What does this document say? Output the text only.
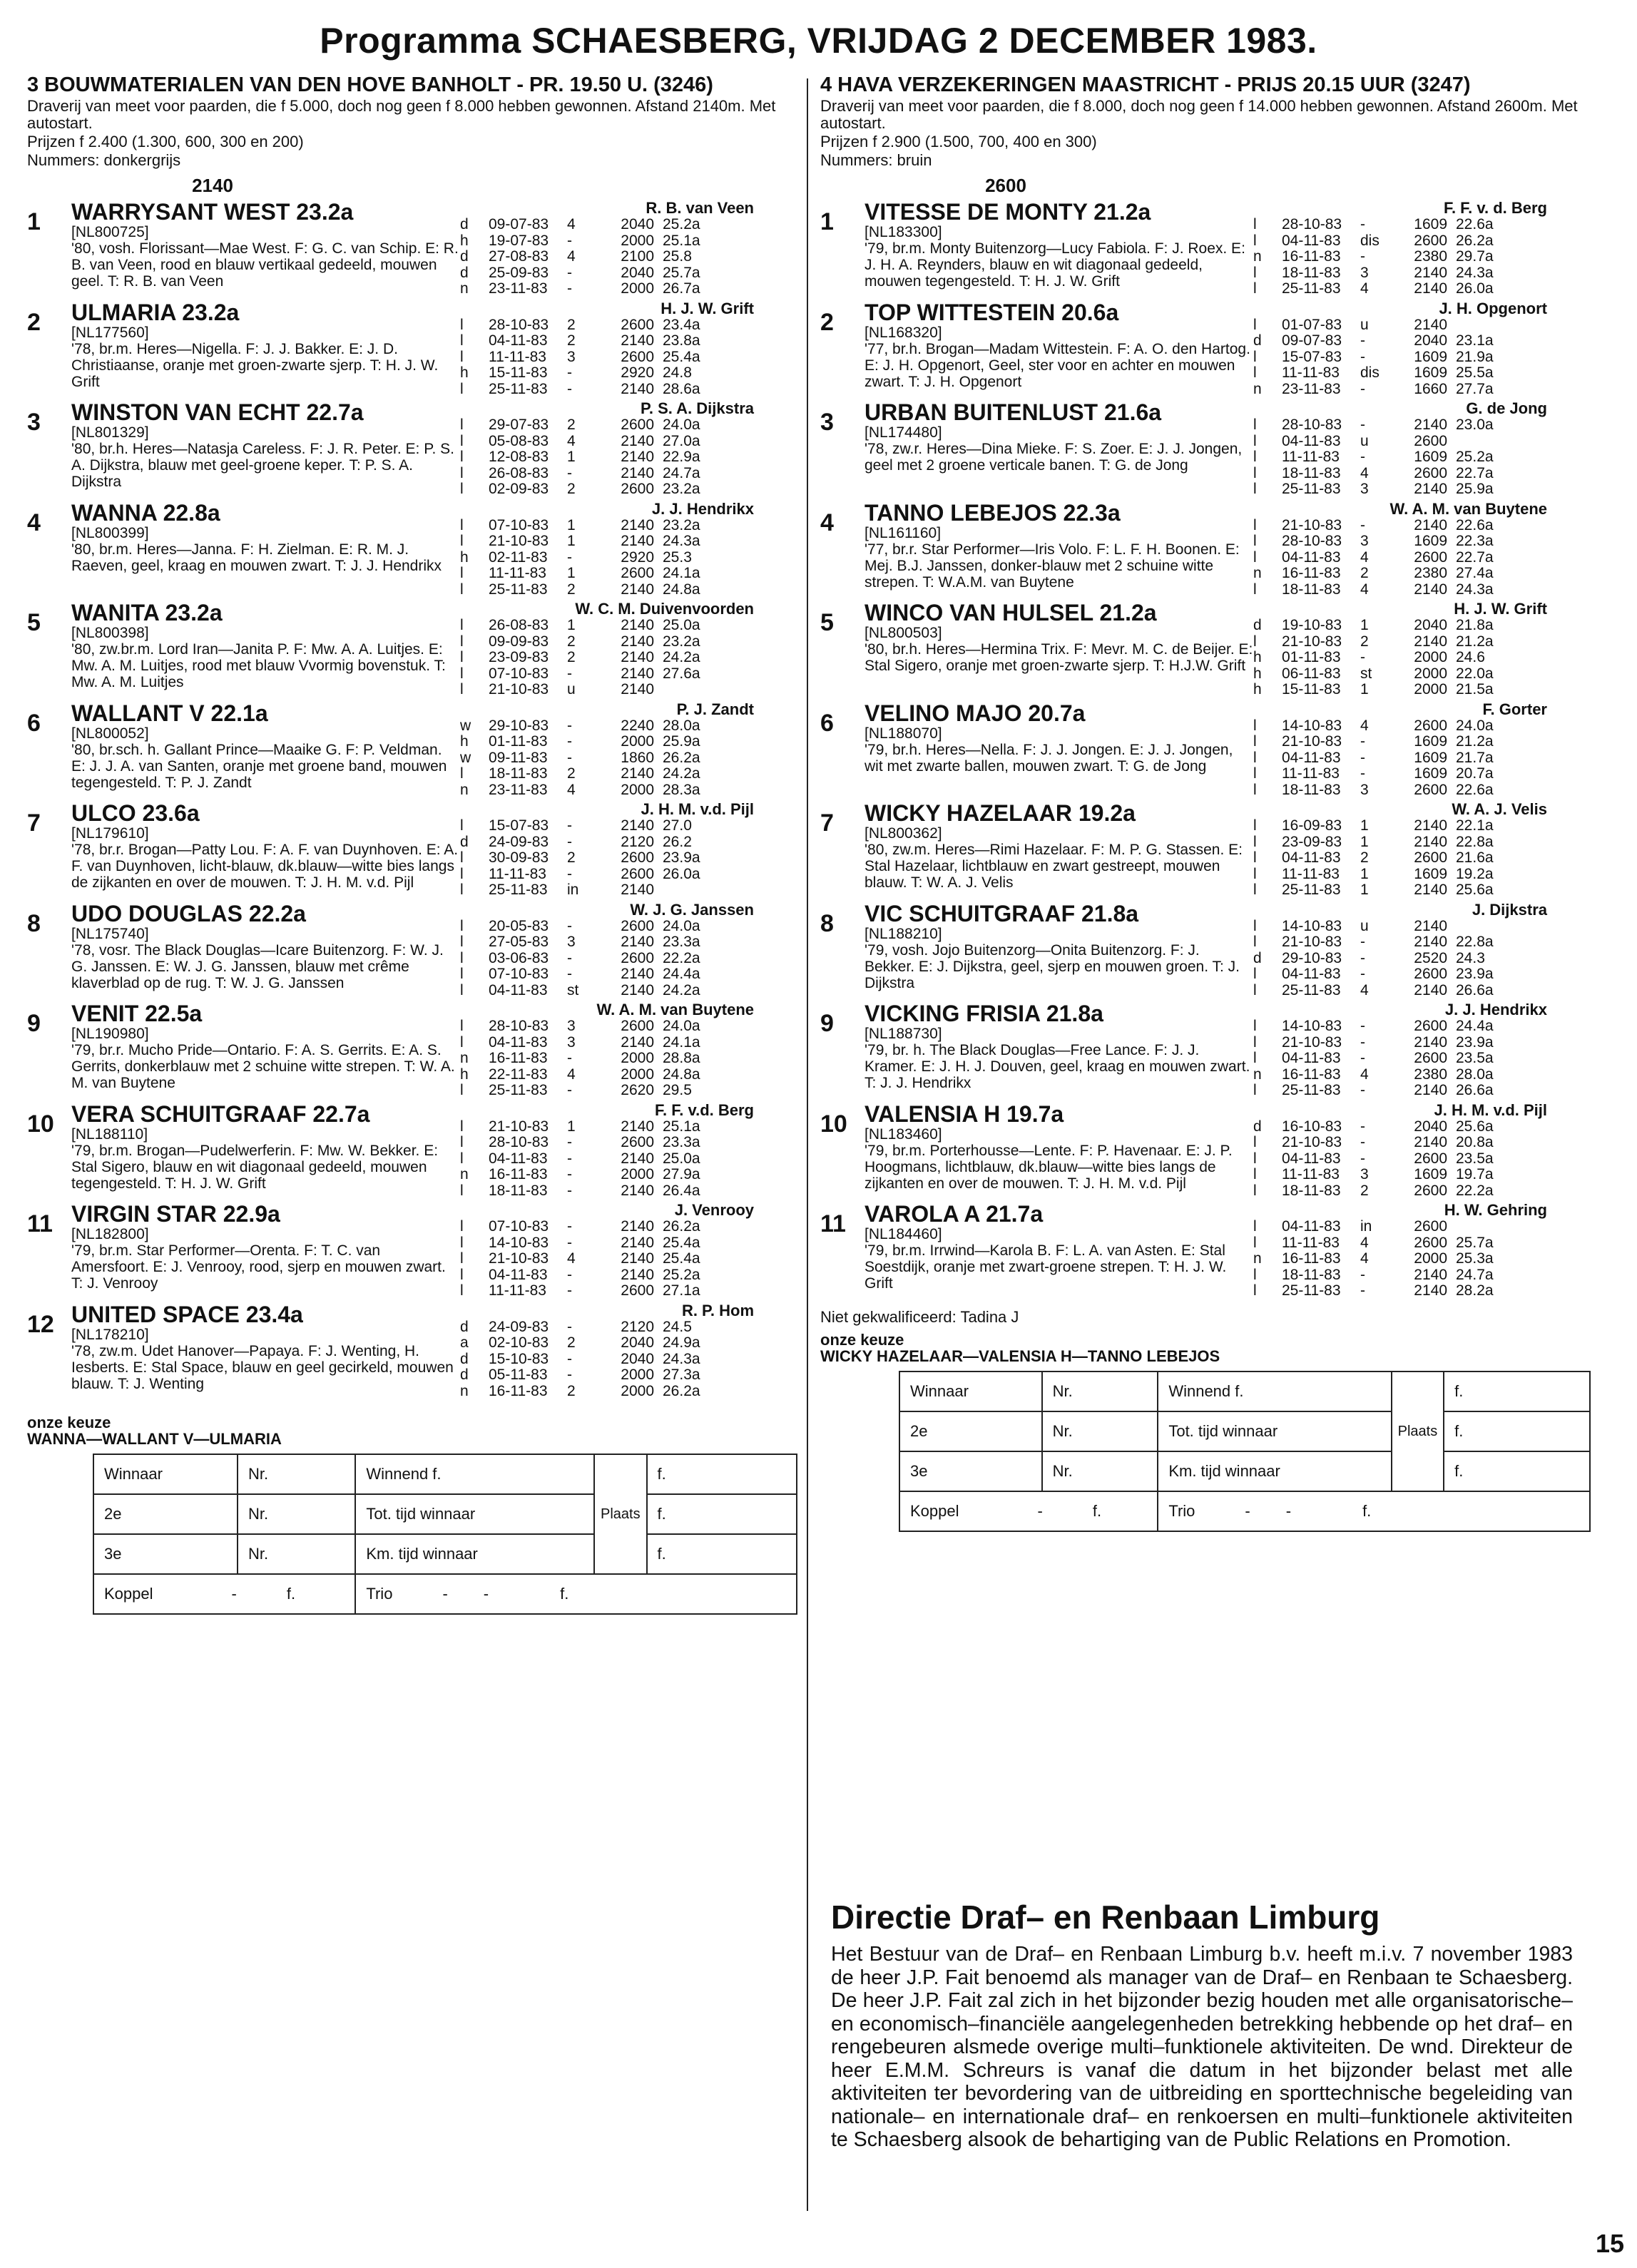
Programma SCHAESBERG, VRIJDAG 2 DECEMBER 1983.
3 BOUWMATERIALEN VAN DEN HOVE BANHOLT - PR. 19.50 U. (3246)
Draverij van meet voor paarden, die f 5.000, doch nog geen f 8.000 hebben gewonnen. Afstand 2140m. Met autostart.
Prijzen f 2.400 (1.300, 600, 300 en 200)
Nummers: donkergrijs
2140
1	WARRYSANT WEST 23.2a
[NL800725]
'80, vosh. Florissant—Mae West. F: G. C. van Schip. E: R. B. van Veen, rood en blauw vertikaal gedeeld, mouwen geel. T: R. B. van Veen
R. B. van Veen
d	09-07-83	4	2040 25.2a
h	19-07-83	-	2000 25.1a
d	27-08-83	4	2100 25.8
d	25-09-83	-	2040 25.7a
n	23-11-83	-	2000 26.7a
2	ULMARIA 23.2a
[NL177560]
'78, br.m. Heres—Nigella. F: J. J. Bakker. E: J. D. Christiaanse, oranje met groen-zwarte sjerp. T: H. J. W. Grift
H. J. W. Grift
l	28-10-83	2	2600 23.4a
l	04-11-83	2	2140 23.8a
l	11-11-83	3	2600 25.4a
h	15-11-83	-	2920 24.8
l	25-11-83	-	2140 28.6a
3	WINSTON VAN ECHT 22.7a
[NL801329]
'80, br.h. Heres—Natasja Careless. F: J. R. Peter. E: P. S. A. Dijkstra, blauw met geel-groene keper. T: P. S. A. Dijkstra
P. S. A. Dijkstra
l	29-07-83	2	2600 24.0a
l	05-08-83	4	2140 27.0a
l	12-08-83	1	2140 22.9a
l	26-08-83	-	2140 24.7a
l	02-09-83	2	2600 23.2a
4	WANNA 22.8a
[NL800399]
'80, br.m. Heres—Janna. F: H. Zielman. E: R. M. J. Raeven, geel, kraag en mouwen zwart. T: J. J. Hendrikx
J. J. Hendrikx
l	07-10-83	1	2140 23.2a
l	21-10-83	1	2140 24.3a
h	02-11-83	-	2920 25.3
l	11-11-83	1	2600 24.1a
l	25-11-83	2	2140 24.8a
5	WANITA 23.2a
[NL800398]
'80, zw.br.m. Lord Iran—Janita P. F: Mw. A. A. Luitjes. E: Mw. A. M. Luitjes, rood met blauw Vvormig bovenstuk. T: Mw. A. M. Luitjes
W. C. M. Duivenvoorden
l	26-08-83	1	2140 25.0a
l	09-09-83	2	2140 23.2a
l	23-09-83	2	2140 24.2a
l	07-10-83	-	2140 27.6a
l	21-10-83	u	2140
6	WALLANT V 22.1a
[NL800052]
'80, br.sch. h. Gallant Prince—Maaike G. F: P. Veldman. E: J. J. A. van Santen, oranje met groene band, mouwen tegengesteld. T: P. J. Zandt
P. J. Zandt
w	29-10-83	-	2240 28.0a
h	01-11-83	-	2000 25.9a
w	09-11-83	-	1860 26.2a
l	18-11-83	2	2140 24.2a
n	23-11-83	4	2000 28.3a
7	ULCO 23.6a
[NL179610]
'78, br.r. Brogan—Patty Lou. F: A. F. van Duynhoven. E: A. F. van Duynhoven, licht-blauw, dk.blauw—witte bies langs de zijkanten en over de mouwen. T: J. H. M. v.d. Pijl
J. H. M. v.d. Pijl
l	15-07-83	-	2140 27.0
d	24-09-83	-	2120 26.2
l	30-09-83	2	2600 23.9a
l	11-11-83	-	2600 26.0a
l	25-11-83	in	2140
8	UDO DOUGLAS 22.2a
[NL175740]
'78, vosr. The Black Douglas—Icare Buitenzorg. F: W. J. G. Janssen. E: W. J. G. Janssen, blauw met crême klaverblad op de rug. T: W. J. G. Janssen
W. J. G. Janssen
l	20-05-83	-	2600 24.0a
l	27-05-83	3	2140 23.3a
l	03-06-83	-	2600 22.2a
l	07-10-83	-	2140 24.4a
l	04-11-83	st	2140 24.2a
9	VENIT 22.5a
[NL190980]
'79, br.r. Mucho Pride—Ontario. F: A. S. Gerrits. E: A. S. Gerrits, donkerblauw met 2 schuine witte strepen. T: W. A. M. van Buytene
W. A. M. van Buytene
l	28-10-83	3	2600 24.0a
l	04-11-83	3	2140 24.1a
n	16-11-83	-	2000 28.8a
h	22-11-83	4	2000 24.8a
l	25-11-83	-	2620 29.5
10 VERA SCHUITGRAAF 22.7a
[NL188110]
'79, br.m. Brogan—Pudelwerferin. F: Mw. W. Bekker. E: Stal Sigero, blauw en wit diagonaal gedeeld, mouwen tegengesteld. T: H. J. W. Grift
F. F. v.d. Berg
l	21-10-83	1	2140 25.1a
l	28-10-83	-	2600 23.3a
l	04-11-83	-	2140 25.0a
n	16-11-83	-	2000 27.9a
l	18-11-83	-	2140 26.4a
11 VIRGIN STAR 22.9a
[NL182800]
'79, br.m. Star Performer—Orenta. F: T. C. van Amersfoort. E: J. Venrooy, rood, sjerp en mouwen zwart. T: J. Venrooy
J. Venrooy
l	07-10-83	-	2140 26.2a
l	14-10-83	-	2140 25.4a
l	21-10-83	4	2140 25.4a
l	04-11-83	-	2140 25.2a
l	11-11-83	-	2600 27.1a
12 UNITED SPACE 23.4a
[NL178210]
'78, zw.m. Udet Hanover—Papaya. F: J. Wenting, H. Iesberts. E: Stal Space, blauw en geel gecirkeld, mouwen blauw. T: J. Wenting
R. P. Hom
d	24-09-83	-	2120 24.5
a	02-10-83	2	2040 24.9a
d	15-10-83	-	2040 24.3a
d	05-11-83	-	2000 27.3a
n	16-11-83	2	2000 26.2a
onze keuze
WANNA—WALLANT V—ULMARIA
Winnaar	Nr.	Winnend f.	Plaats	f.
2e	Nr.	Tot. tijd winnaar		f.
3e	Nr.	Km. tijd winnaar		f.
Koppel - f.		Trio - - f.		
4 HAVA VERZEKERINGEN MAASTRICHT - PRIJS 20.15 UUR (3247)
Draverij van meet voor paarden, die f 8.000, doch nog geen f 14.000 hebben gewonnen. Afstand 2600m. Met autostart.
Prijzen f 2.900 (1.500, 700, 400 en 300)
Nummers: bruin
2600
1	VITESSE DE MONTY 21.2a
[NL183300]
'79, br.m. Monty Buitenzorg—Lucy Fabiola. F: J. Roex. E: J. H. A. Reynders, blauw en wit diagonaal gedeeld, mouwen tegengesteld. T: H. J. W. Grift
F. F. v. d. Berg
l	28-10-83	-	1609 22.6a
l	04-11-83	dis	2600 26.2a
n	16-11-83	-	2380 29.7a
l	18-11-83	3	2140 24.3a
l	25-11-83	4	2140 26.0a
2	TOP WITTESTEIN 20.6a
[NL168320]
'77, br.h. Brogan—Madam Wittestein. F: A. O. den Hartog. E: J. H. Opgenort, Geel, ster voor en achter en mouwen zwart. T: J. H. Opgenort
J. H. Opgenort
l	01-07-83	u	2140
d	09-07-83	-	2040 23.1a
l	15-07-83	-	1609 21.9a
l	11-11-83	dis	1609 25.5a
n	23-11-83	-	1660 27.7a
3	URBAN BUITENLUST 21.6a
[NL174480]
'78, zw.r. Heres—Dina Mieke. F: S. Zoer. E: J. J. Jongen, geel met 2 groene verticale banen. T: G. de Jong
G. de Jong
l	28-10-83	-	2140 23.0a
l	04-11-83	u	2600
l	11-11-83	-	1609 25.2a
l	18-11-83	4	2600 22.7a
l	25-11-83	3	2140 25.9a
4	TANNO LEBEJOS 22.3a
[NL161160]
'77, br.r. Star Performer—Iris Volo. F: L. F. H. Boonen. E: Mej. B.J. Janssen, donker-blauw met 2 schuine witte strepen. T: W.A.M. van Buytene
W. A. M. van Buytene
l	21-10-83	-	2140 22.6a
l	28-10-83	3	1609 22.3a
l	04-11-83	4	2600 22.7a
n	16-11-83	2	2380 27.4a
l	18-11-83	4	2140 24.3a
5	WINCO VAN HULSEL 21.2a
[NL800503]
'80, br.h. Heres—Hermina Trix. F: Mevr. M. C. de Beijer. E: Stal Sigero, oranje met groen-zwarte sjerp. T: H.J.W. Grift
H. J. W. Grift
d	19-10-83	1	2040 21.8a
l	21-10-83	2	2140 21.2a
h	01-11-83	-	2000 24.6
h	06-11-83	st	2000 22.0a
h	15-11-83	1	2000 21.5a
6	VELINO MAJO 20.7a
[NL188070]
'79, br.h. Heres—Nella. F: J. J. Jongen. E: J. J. Jongen, wit met zwarte ballen, mouwen zwart. T: G. de Jong
F. Gorter
l	14-10-83	4	2600 24.0a
l	21-10-83	-	1609 21.2a
l	04-11-83	-	1609 21.7a
l	11-11-83	-	1609 20.7a
l	18-11-83	3	2600 22.6a
7	WICKY HAZELAAR 19.2a
[NL800362]
'80, zw.m. Heres—Rimi Hazelaar. F: M. P. G. Stassen. E: Stal Hazelaar, lichtblauw en zwart gestreept, mouwen blauw. T: W. A. J. Velis
W. A. J. Velis
l	16-09-83	1	2140 22.1a
l	23-09-83	1	2140 22.8a
l	04-11-83	2	2600 21.6a
l	11-11-83	1	1609 19.2a
l	25-11-83	1	2140 25.6a
8	VIC SCHUITGRAAF 21.8a
[NL188210]
'79, vosh. Jojo Buitenzorg—Onita Buitenzorg. F: J. Bekker. E: J. Dijkstra, geel, sjerp en mouwen groen. T: J. Dijkstra
J. Dijkstra
l	14-10-83	u	2140
l	21-10-83	-	2140 22.8a
d	29-10-83	-	2520 24.3
l	04-11-83	-	2600 23.9a
l	25-11-83	4	2140 26.6a
9	VICKING FRISIA 21.8a
[NL188730]
'79, br. h. The Black Douglas—Free Lance. F: J. J. Kramer. E: J. H. J. Douven, geel, kraag en mouwen zwart. T: J. J. Hendrikx
J. J. Hendrikx
l	14-10-83	-	2600 24.4a
l	21-10-83	-	2140 23.9a
l	04-11-83	-	2600 23.5a
n	16-11-83	4	2380 28.0a
l	25-11-83	-	2140 26.6a
10 VALENSIA H 19.7a
[NL183460]
'79, br.m. Porterhousse—Lente. F: P. Havenaar. E: J. P. Hoogmans, lichtblauw, dk.blauw—witte bies langs de zijkanten en over de mouwen. T: J. H. M. v.d. Pijl
J. H. M. v.d. Pijl
d	16-10-83	-	2040 25.6a
l	21-10-83	-	2140 20.8a
l	04-11-83	-	2600 23.5a
l	11-11-83	3	1609 19.7a
l	18-11-83	2	2600 22.2a
11 VAROLA A 21.7a
[NL184460]
'79, br.m. Irrwind—Karola B. F: L. A. van Asten. E: Stal Soestdijk, oranje met zwart-groene strepen. T: H. J. W. Grift
H. W. Gehring
l	04-11-83	in	2600
l	11-11-83	4	2600 25.7a
n	16-11-83	4	2000 25.3a
l	18-11-83	-	2140 24.7a
l	25-11-83	-	2140 28.2a
Niet gekwalificeerd: Tadina J
onze keuze
WICKY HAZELAAR—VALENSIA H—TANNO LEBEJOS
Winnaar	Nr.	Winnend f.	Plaats	f.
2e	Nr.	Tot. tijd winnaar		f.
3e	Nr.	Km. tijd winnaar		f.
Koppel - f.		Trio - - f.		
Directie Draf– en Renbaan Limburg

Het Bestuur van de Draf– en Renbaan Limburg b.v. heeft m.i.v. 7 november 1983 de heer J.P. Fait benoemd als manager van de Draf– en Renbaan te Schaesberg. De heer J.P. Fait zal zich in het bijzonder bezig houden met alle organisatorische– en economisch–financiële aangelegenheden betrekking hebbende op het draf– en rengebeuren alsmede overige multi–funktionele aktiviteiten. De wnd. Direkteur de heer E.M.M. Schreurs is vanaf die datum in het bijzonder belast met alle aktiviteiten ter bevordering van de uitbreiding en sporttechnische begeleiding van nationale– en internationale draf– en renkoersen en multi–funktionele aktiviteiten te Schaesberg alsook de behartiging van de Public Relations en Promotion.

15
